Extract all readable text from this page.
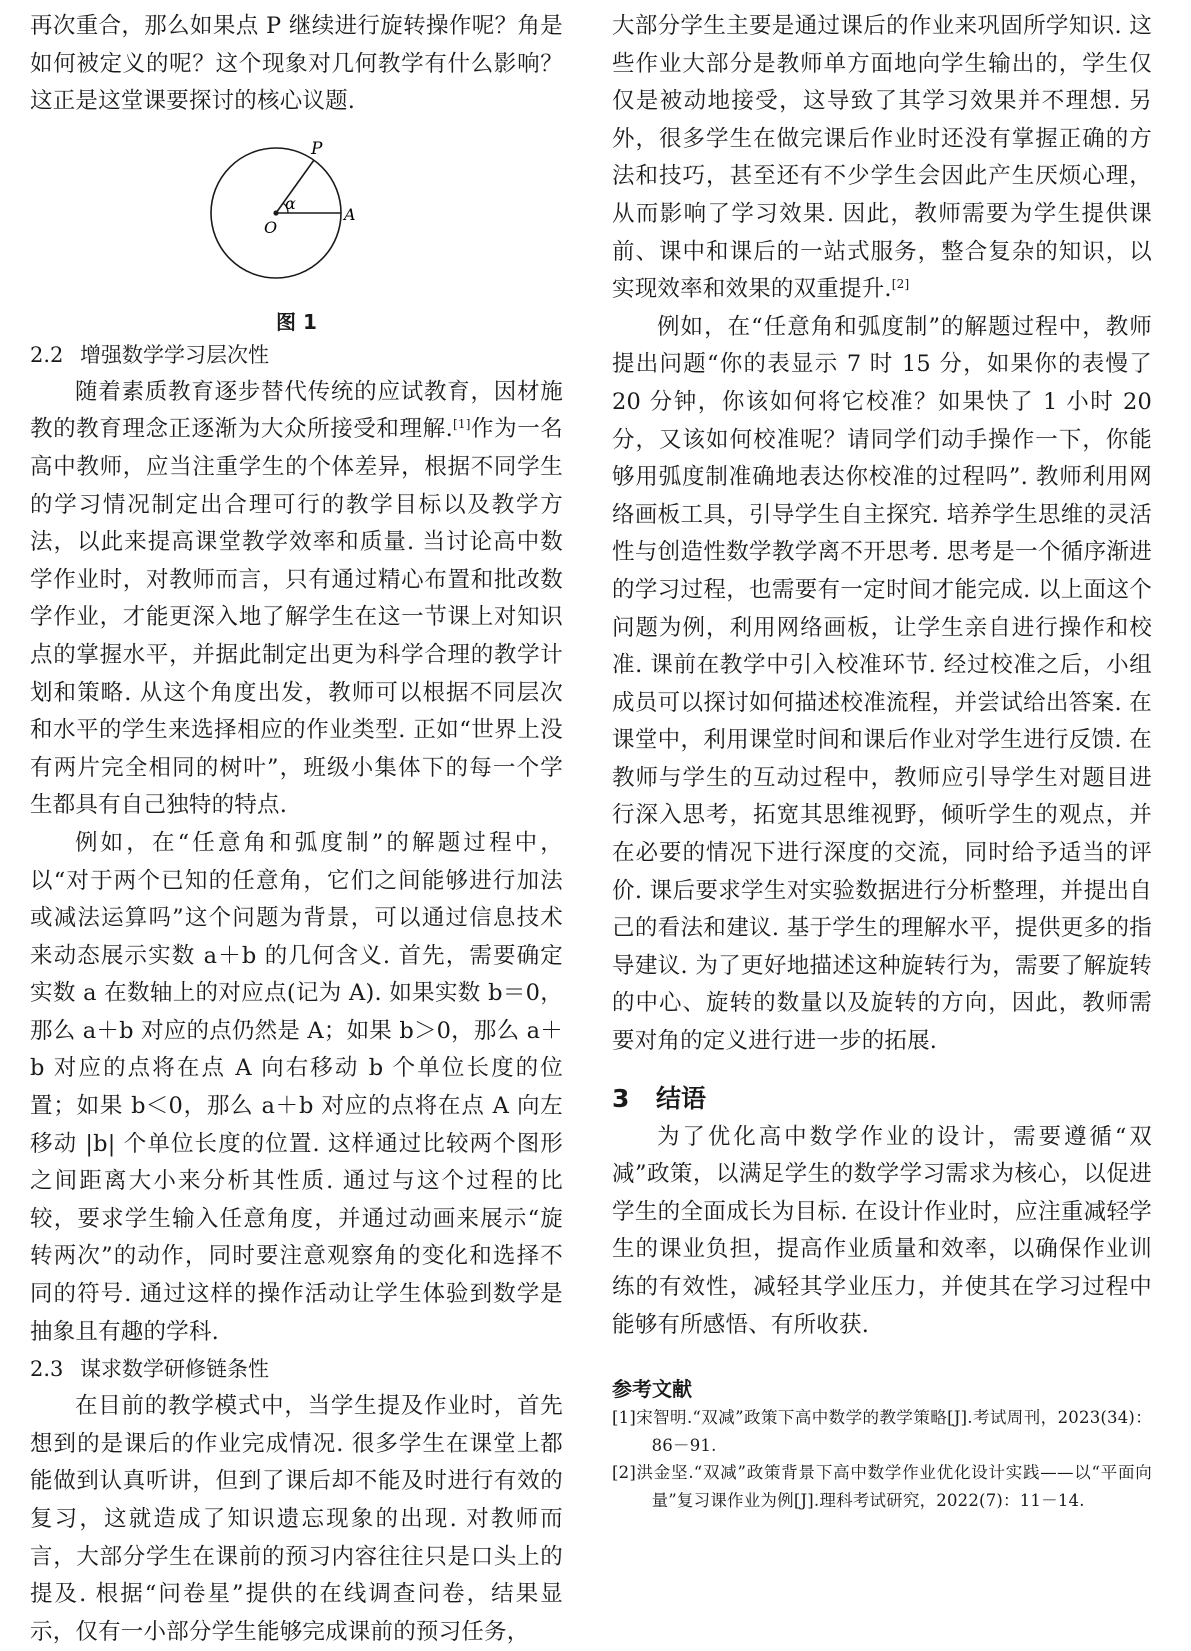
再次重合，那么如果点 P 继续进行旋转操作呢？角是如何被定义的呢？这个现象对几何教学有什么影响？这正是这堂课要探讨的核心议题.

P
α
O
A
图 1
2.2 增强数学学习层次性

随着素质教育逐步替代传统的应试教育，因材施教的教育理念正逐渐为大众所接受和理解.[1]作为一名高中教师，应当注重学生的个体差异，根据不同学生的学习情况制定出合理可行的教学目标以及教学方法，以此来提高课堂教学效率和质量. 当讨论高中数学作业时，对教师而言，只有通过精心布置和批改数学作业，才能更深入地了解学生在这一节课上对知识点的掌握水平，并据此制定出更为科学合理的教学计划和策略. 从这个角度出发，教师可以根据不同层次和水平的学生来选择相应的作业类型. 正如“世界上没有两片完全相同的树叶”，班级小集体下的每一个学生都具有自己独特的特点.

例如，在“任意角和弧度制”的解题过程中，以“对于两个已知的任意角，它们之间能够进行加法或减法运算吗”这个问题为背景，可以通过信息技术来动态展示实数 a＋b 的几何含义. 首先，需要确定实数 a 在数轴上的对应点(记为 A). 如果实数 b＝0，那么 a＋b 对应的点仍然是 A；如果 b＞0，那么 a＋b 对应的点将在点 A 向右移动 b 个单位长度的位置；如果 b＜0，那么 a＋b 对应的点将在点 A 向左移动 |b| 个单位长度的位置. 这样通过比较两个图形之间距离大小来分析其性质. 通过与这个过程的比较，要求学生输入任意角度，并通过动画来展示“旋转两次”的动作，同时要注意观察角的变化和选择不同的符号. 通过这样的操作活动让学生体验到数学是抽象且有趣的学科.

2.3 谋求数学研修链条性

在目前的教学模式中，当学生提及作业时，首先想到的是课后的作业完成情况. 很多学生在课堂上都能做到认真听讲，但到了课后却不能及时进行有效的复习，这就造成了知识遗忘现象的出现. 对教师而言，大部分学生在课前的预习内容往往只是口头上的提及. 根据“问卷星”提供的在线调查问卷，结果显示，仅有一小部分学生能够完成课前的预习任务，

大部分学生主要是通过课后的作业来巩固所学知识. 这些作业大部分是教师单方面地向学生输出的，学生仅仅是被动地接受，这导致了其学习效果并不理想. 另外，很多学生在做完课后作业时还没有掌握正确的方法和技巧，甚至还有不少学生会因此产生厌烦心理，从而影响了学习效果. 因此，教师需要为学生提供课前、课中和课后的一站式服务，整合复杂的知识，以实现效率和效果的双重提升.[2]

例如，在“任意角和弧度制”的解题过程中，教师提出问题“你的表显示 7 时 15 分，如果你的表慢了 20 分钟，你该如何将它校准？如果快了 1 小时 20 分，又该如何校准呢？请同学们动手操作一下，你能够用弧度制准确地表达你校准的过程吗”. 教师利用网络画板工具，引导学生自主探究. 培养学生思维的灵活性与创造性数学教学离不开思考. 思考是一个循序渐进的学习过程，也需要有一定时间才能完成. 以上面这个问题为例，利用网络画板，让学生亲自进行操作和校准. 课前在教学中引入校准环节. 经过校准之后，小组成员可以探讨如何描述校准流程，并尝试给出答案. 在课堂中，利用课堂时间和课后作业对学生进行反馈. 在教师与学生的互动过程中，教师应引导学生对题目进行深入思考，拓宽其思维视野，倾听学生的观点，并在必要的情况下进行深度的交流，同时给予适当的评价. 课后要求学生对实验数据进行分析整理，并提出自己的看法和建议. 基于学生的理解水平，提供更多的指导建议. 为了更好地描述这种旋转行为，需要了解旋转的中心、旋转的数量以及旋转的方向，因此，教师需要对角的定义进行进一步的拓展.

3 结语

为了优化高中数学作业的设计，需要遵循“双减”政策，以满足学生的数学学习需求为核心，以促进学生的全面成长为目标. 在设计作业时，应注重减轻学生的课业负担，提高作业质量和效率，以确保作业训练的有效性，减轻其学业压力，并使其在学习过程中能够有所感悟、有所收获.

参考文献

[1]宋智明.“双减”政策下高中数学的教学策略[J].考试周刊，2023(34)：86－91.

[2]洪金坚.“双减”政策背景下高中数学作业优化设计实践——以“平面向量”复习课作业为例[J].理科考试研究，2022(7)：11－14.
